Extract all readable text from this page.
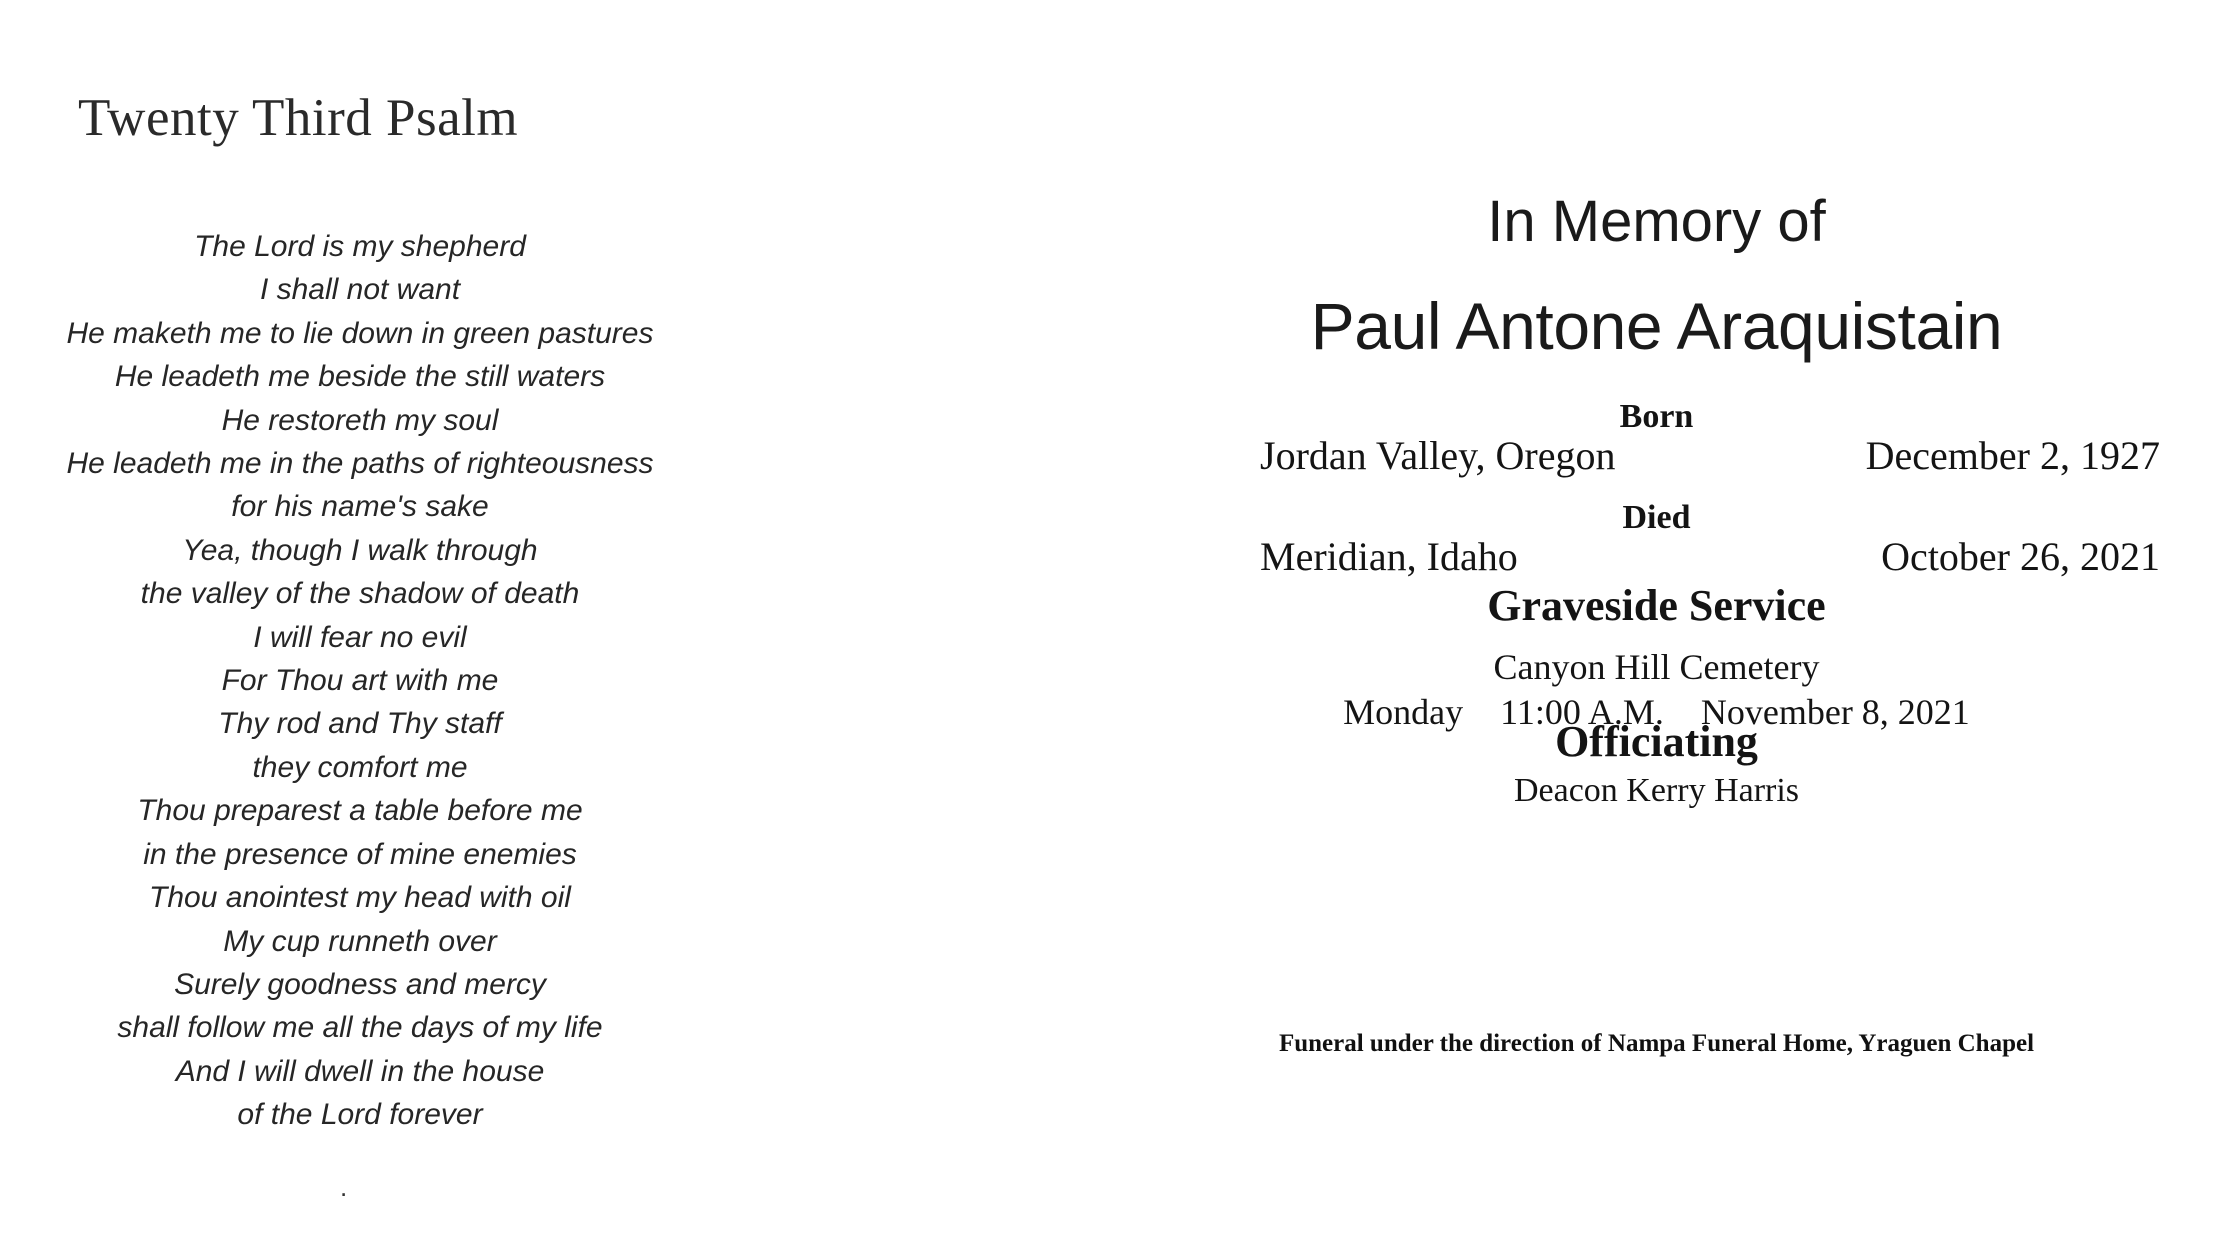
Twenty Third Psalm
The Lord is my shepherd
I shall not want
He maketh me to lie down in green pastures
He leadeth me beside the still waters
He restoreth my soul
He leadeth me in the paths of righteousness
for his name's sake
Yea, though I walk through
the valley of the shadow of death
I will fear no evil
For Thou art with me
Thy rod and Thy staff
they comfort me
Thou preparest a table before me
in the presence of mine enemies
Thou anointest my head with oil
My cup runneth over
Surely goodness and mercy
shall follow me all the days of my life
And I will dwell in the house
of the Lord forever
.
In Memory of
Paul Antone Araquistain
Born
Jordan Valley, Oregon	December 2, 1927
Died
Meridian, Idaho	October 26, 2021
Graveside Service
Canyon Hill Cemetery
Monday 11:00 A.M. November 8, 2021
Officiating
Deacon Kerry Harris
Funeral under the direction of Nampa Funeral Home, Yraguen Chapel
